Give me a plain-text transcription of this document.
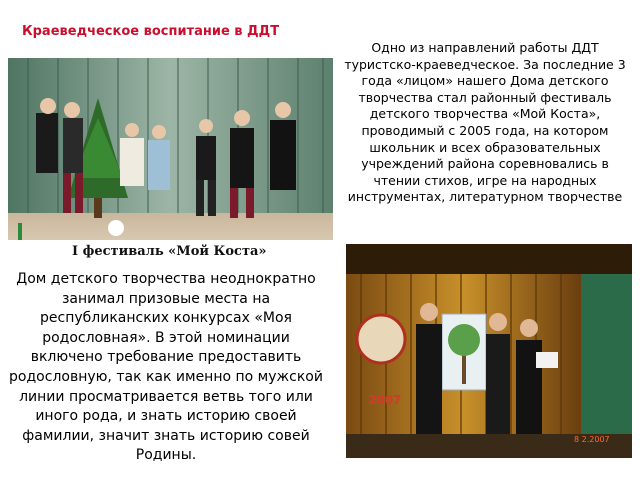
Краеведческое воспитание в ДДТ
I фестиваль «Мой Коста»
Одно из направлений работы ДДТ туристско-краеведческое. За последние 3 года «лицом» нашего Дома детского творчества стал районный фестиваль детского творчества «Мой Коста», проводимый с 2005 года, на котором школьник и всех образовательных учреждений района соревновались в чтении стихов, игре на народных инструментах, литературном творчестве
Дом детского творчества неоднократно занимал призовые места на республиканских конкурсах «Моя родословная». В этой номинации включено требование предоставить родословную, так как именно по мужской линии просматривается ветвь того или иного рода, и знать историю своей фамилии, значит знать историю совей Родины.
2007
8 2.2007
